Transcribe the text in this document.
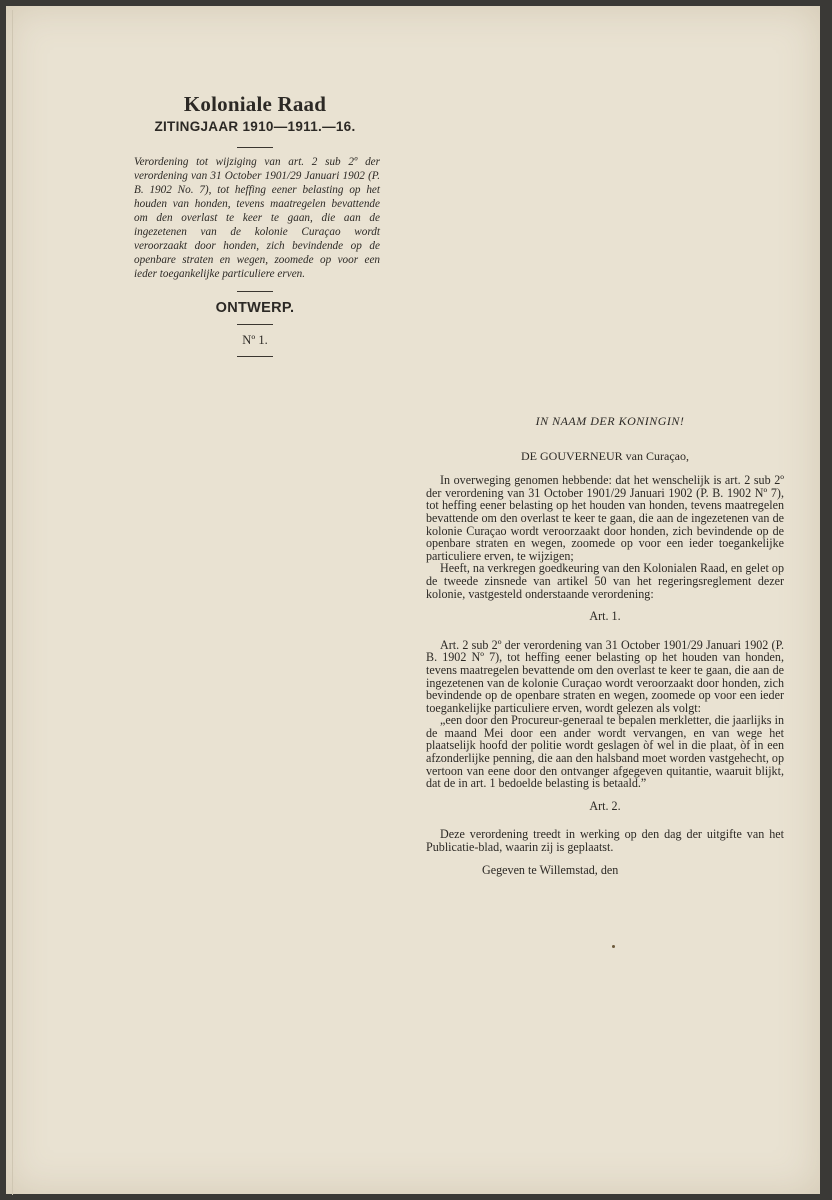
Koloniale Raad
ZITINGJAAR 1910—1911.—16.
Verordening tot wijziging van art. 2 sub 2º der verordening van 31 October 1901/29 Januari 1902 (P. B. 1902 No. 7), tot heffing eener belasting op het houden van honden, tevens maatregelen bevattende om den overlast te keer te gaan, die aan de ingezetenen van de kolonie Curaçao wordt veroorzaakt door honden, zich bevindende op de openbare straten en wegen, zoomede op voor een ieder toegankelijke particuliere erven.
ONTWERP.
Nº 1.
IN NAAM DER KONINGIN!
DE GOUVERNEUR van Curaçao,

In overweging genomen hebbende: dat het wenschelijk is art. 2 sub 2º der verordening van 31 October 1901/29 Januari 1902 (P. B. 1902 Nº 7), tot heffing eener belasting op het houden van honden, tevens maatregelen bevattende om den overlast te keer te gaan, die aan de ingezetenen van de kolonie Curaçao wordt veroorzaakt door honden, zich bevindende op de openbare straten en wegen, zoomede op voor een ieder toegankelijke particuliere erven, te wijzigen;

Heeft, na verkregen goedkeuring van den Kolonialen Raad, en gelet op de tweede zinsnede van artikel 50 van het regeringsreglement dezer kolonie, vastgesteld onderstaande verordening:

Art. 1.

Art. 2 sub 2º der verordening van 31 October 1901/29 Januari 1902 (P. B. 1902 Nº 7), tot heffing eener belasting op het houden van honden, tevens maatregelen bevattende om den overlast te keer te gaan, die aan de ingezetenen van de kolonie Curaçao wordt veroorzaakt door honden, zich bevindende op de openbare straten en wegen, zoomede op voor een ieder toegankelijke particuliere erven, wordt gelezen als volgt:

„een door den Procureur-generaal te bepalen merkletter, die jaarlijks in de maand Mei door een ander wordt vervangen, en van wege het plaatselijk hoofd der politie wordt geslagen òf wel in die plaat, òf in een afzonderlijke penning, die aan den halsband moet worden vastgehecht, op vertoon van eene door den ontvanger afgegeven quitantie, waaruit blijkt, dat de in art. 1 bedoelde belasting is betaald.”

Art. 2.

Deze verordening treedt in werking op den dag der uitgifte van het Publicatie-blad, waarin zij is geplaatst.

Gegeven te Willemstad, den
